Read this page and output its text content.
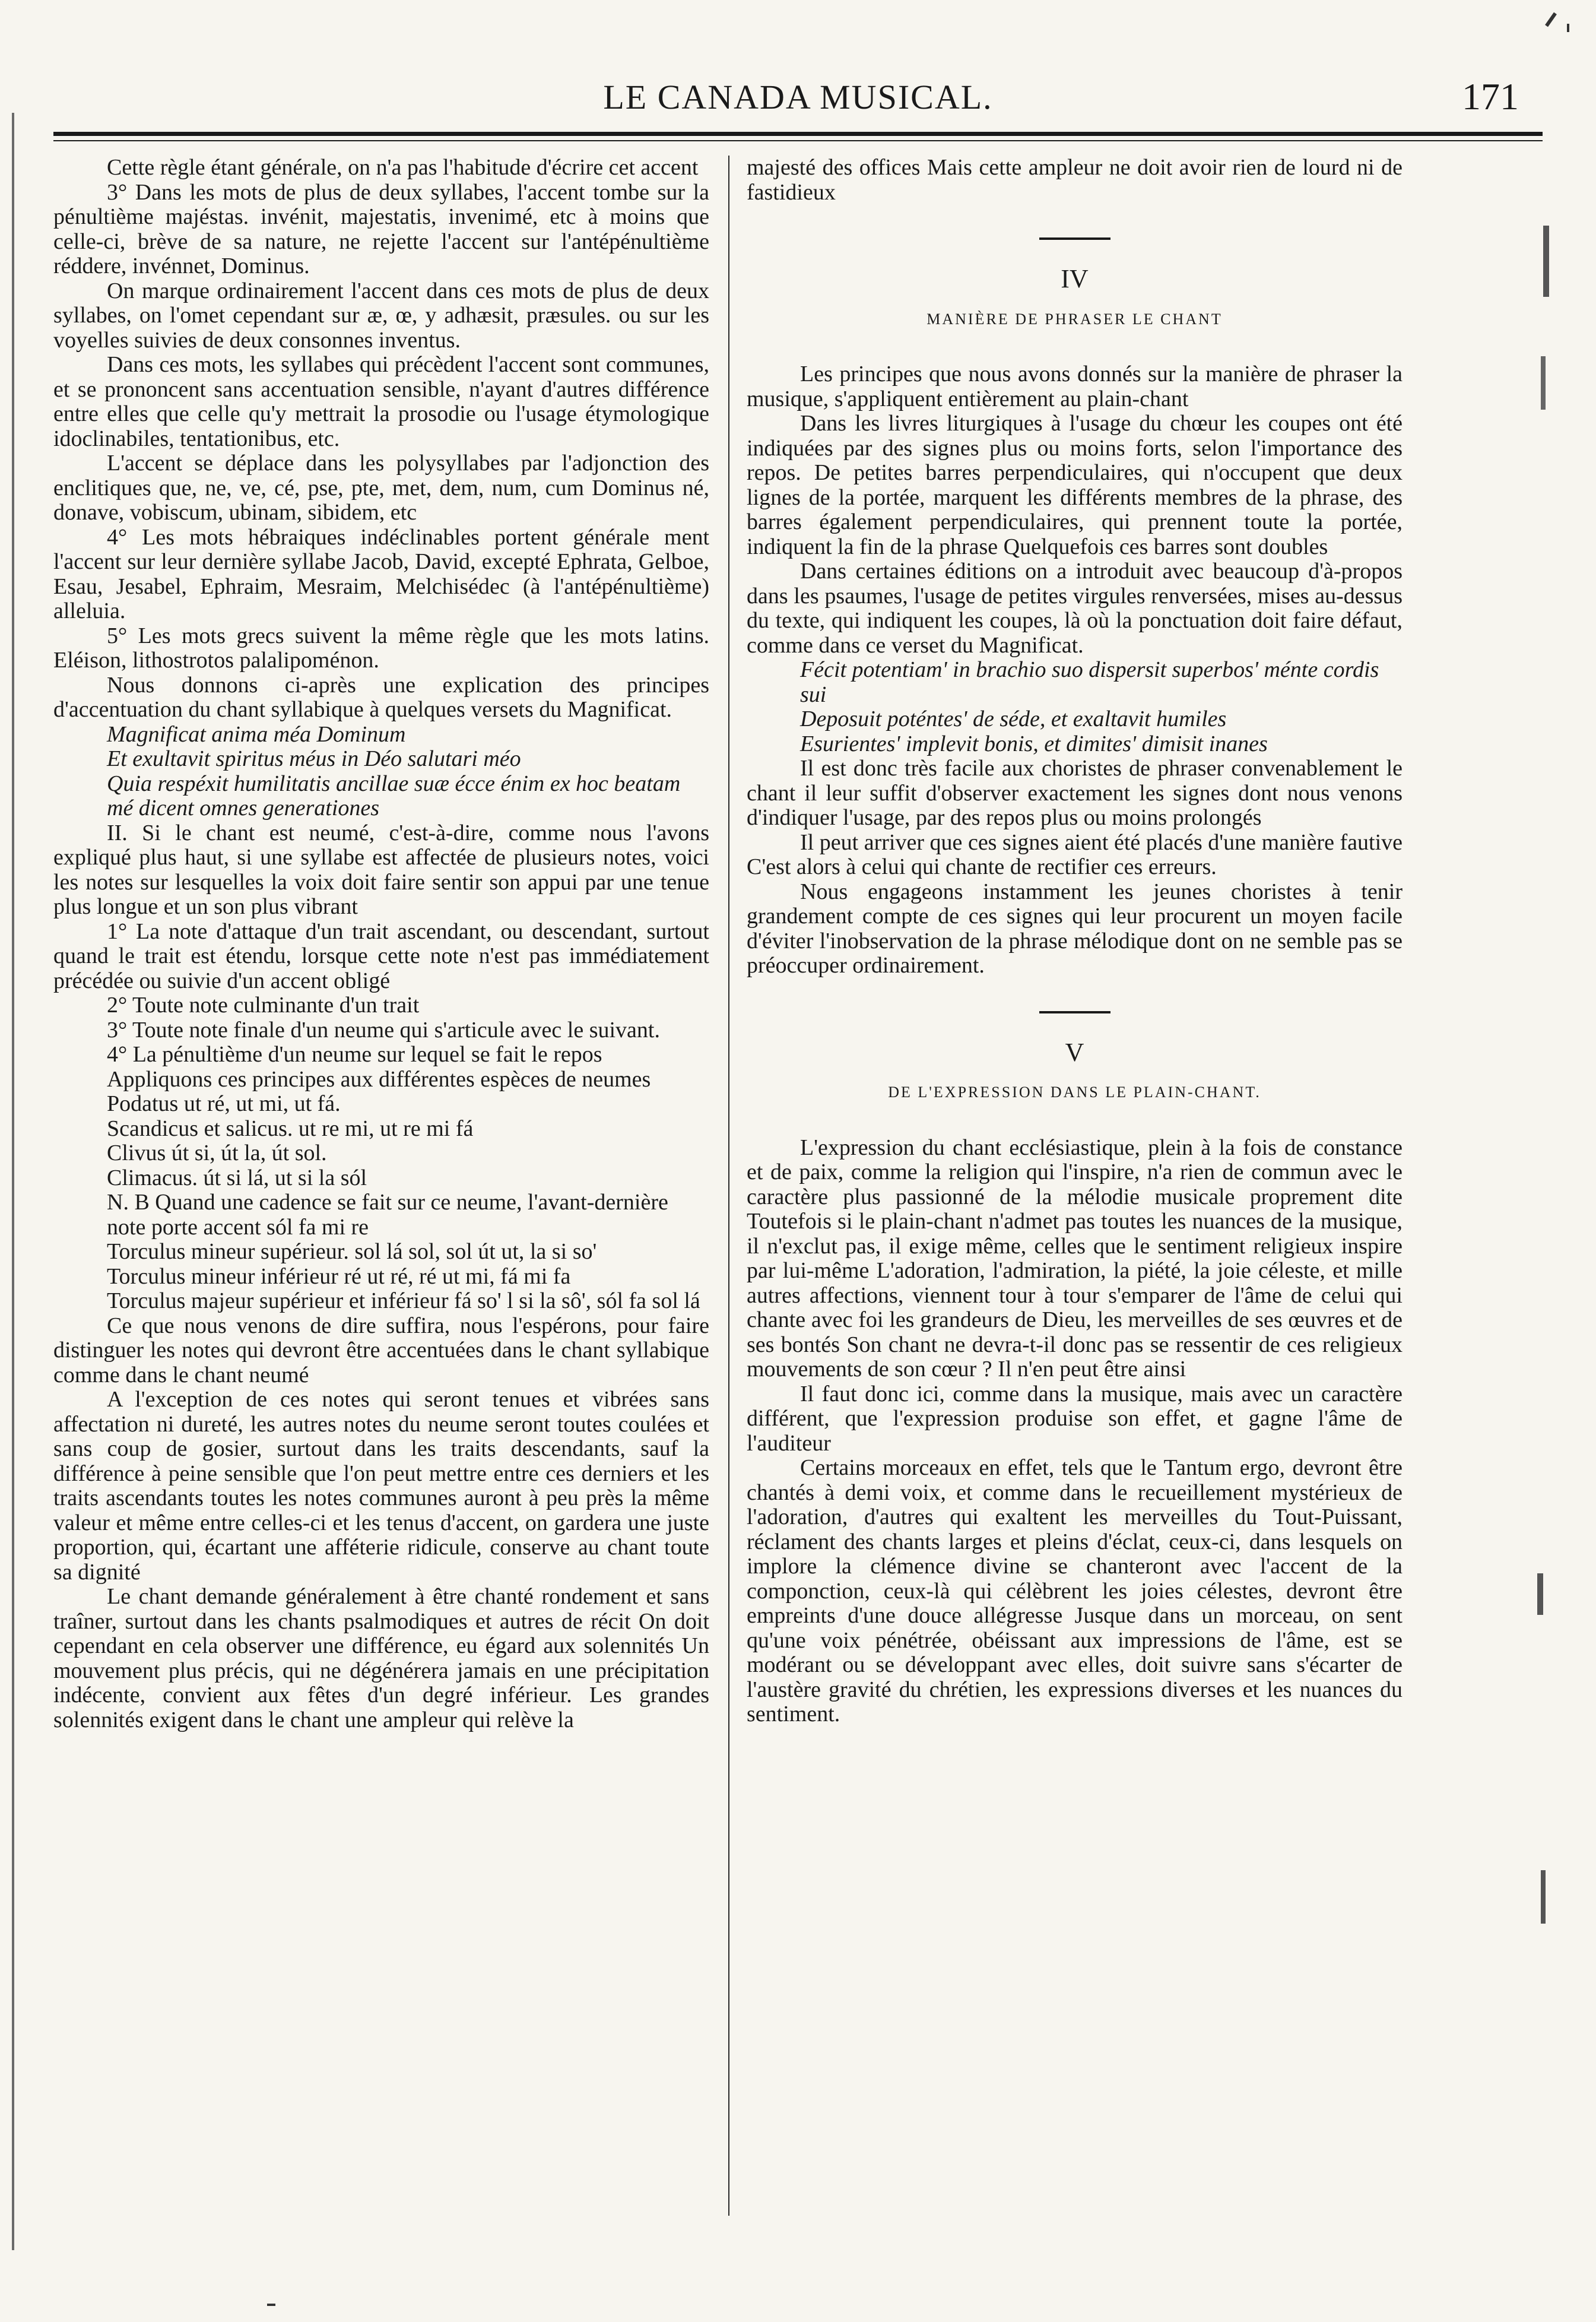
LE CANADA MUSICAL.	171

Cette règle étant générale, on n'a pas l'habitude d'écrire cet accent

3° Dans les mots de plus de deux syllabes, l'accent tombe sur la pénultième majéstas. invénit, majestatis, invenimé, etc à moins que celle-ci, brève de sa nature, ne rejette l'accent sur l'antépénultième réddere, invénnet, Dominus.

On marque ordinairement l'accent dans ces mots de plus de deux syllabes, on l'omet cependant sur æ, œ, y adhæsit, præsules. ou sur les voyelles suivies de deux consonnes inventus.

Dans ces mots, les syllabes qui précèdent l'accent sont communes, et se prononcent sans accentuation sensible, n'ayant d'autres différence entre elles que celle qu'y mettrait la prosodie ou l'usage étymologique idoclinabiles, tentationibus, etc.

L'accent se déplace dans les polysyllabes par l'adjonction des enclitiques que, ne, ve, cé, pse, pte, met, dem, num, cum Dominus né, donave, vobiscum, ubinam, sibidem, etc

4° Les mots hébraiques indéclinables portent générale ment l'accent sur leur dernière syllabe Jacob, David, excepté Ephrata, Gelboe, Esau, Jesabel, Ephraim, Mesraim, Melchisédec (à l'antépénultième) alleluia.

5° Les mots grecs suivent la même règle que les mots latins. Eléison, lithostrotos palalipoménon.

Nous donnons ci-après une explication des principes d'accentuation du chant syllabique à quelques versets du Magnificat.

Magnificat anima méa Dominum

Et exultavit spiritus méus in Déo salutari méo

Quia respéxit humilitatis ancillae suæ écce énim ex hoc beatam mé dicent omnes generationes

II. Si le chant est neumé, c'est-à-dire, comme nous l'avons expliqué plus haut, si une syllabe est affectée de plusieurs notes, voici les notes sur lesquelles la voix doit faire sentir son appui par une tenue plus longue et un son plus vibrant

1° La note d'attaque d'un trait ascendant, ou descendant, surtout quand le trait est étendu, lorsque cette note n'est pas immédiatement précédée ou suivie d'un accent obligé

2° Toute note culminante d'un trait

3° Toute note finale d'un neume qui s'articule avec le suivant.

4° La pénultième d'un neume sur lequel se fait le repos

Appliquons ces principes aux différentes espèces de neumes

Podatus ut ré, ut mi, ut fá.

Scandicus et salicus. ut re mi, ut re mi fá

Clivus út si, út la, út sol.

Climacus. út si lá, ut si la sól

N. B Quand une cadence se fait sur ce neume, l'avant-dernière note porte accent sól fa mi re

Torculus mineur supérieur. sol lá sol, sol út ut, la si so'

Torculus mineur inférieur ré ut ré, ré ut mi, fá mi fa

Torculus majeur supérieur et inférieur fá so' l si la sô', sól fa sol lá

Ce que nous venons de dire suffira, nous l'espérons, pour faire distinguer les notes qui devront être accentuées dans le chant syllabique comme dans le chant neumé

A l'exception de ces notes qui seront tenues et vibrées sans affectation ni dureté, les autres notes du neume seront toutes coulées et sans coup de gosier, surtout dans les traits descendants, sauf la différence à peine sensible que l'on peut mettre entre ces derniers et les traits ascendants toutes les notes communes auront à peu près la même valeur et même entre celles-ci et les tenus d'accent, on gardera une juste proportion, qui, écartant une afféterie ridicule, conserve au chant toute sa dignité

Le chant demande généralement à être chanté rondement et sans traîner, surtout dans les chants psalmodiques et autres de récit On doit cependant en cela observer une différence, eu égard aux solennités Un mouvement plus précis, qui ne dégénérera jamais en une précipitation indécente, convient aux fêtes d'un degré inférieur. Les grandes solennités exigent dans le chant une ampleur qui relève la

majesté des offices Mais cette ampleur ne doit avoir rien de lourd ni de fastidieux

IV
MANIÈRE DE PHRASER LE CHANT

Les principes que nous avons donnés sur la manière de phraser la musique, s'appliquent entièrement au plain-chant

Dans les livres liturgiques à l'usage du chœur les coupes ont été indiquées par des signes plus ou moins forts, selon l'importance des repos. De petites barres perpendiculaires, qui n'occupent que deux lignes de la portée, marquent les différents membres de la phrase, des barres également perpendiculaires, qui prennent toute la portée, indiquent la fin de la phrase Quelquefois ces barres sont doubles

Dans certaines éditions on a introduit avec beaucoup d'à-propos dans les psaumes, l'usage de petites virgules renversées, mises au-dessus du texte, qui indiquent les coupes, là où la ponctuation doit faire défaut, comme dans ce verset du Magnificat.

Fécit potentiam' in brachio suo dispersit superbos' ménte cordis sui

Deposuit poténtes' de séde, et exaltavit humiles

Esurientes' implevit bonis, et dimites' dimisit inanes

Il est donc très facile aux choristes de phraser convenablement le chant il leur suffit d'observer exactement les signes dont nous venons d'indiquer l'usage, par des repos plus ou moins prolongés

Il peut arriver que ces signes aient été placés d'une manière fautive C'est alors à celui qui chante de rectifier ces erreurs.

Nous engageons instamment les jeunes choristes à tenir grandement compte de ces signes qui leur procurent un moyen facile d'éviter l'inobservation de la phrase mélodique dont on ne semble pas se préoccuper ordinairement.

V
DE L'EXPRESSION DANS LE PLAIN-CHANT.

L'expression du chant ecclésiastique, plein à la fois de constance et de paix, comme la religion qui l'inspire, n'a rien de commun avec le caractère plus passionné de la mélodie musicale proprement dite Toutefois si le plain-chant n'admet pas toutes les nuances de la musique, il n'exclut pas, il exige même, celles que le sentiment religieux inspire par lui-même L'adoration, l'admiration, la piété, la joie céleste, et mille autres affections, viennent tour à tour s'emparer de l'âme de celui qui chante avec foi les grandeurs de Dieu, les merveilles de ses œuvres et de ses bontés Son chant ne devra-t-il donc pas se ressentir de ces religieux mouvements de son cœur ? Il n'en peut être ainsi

Il faut donc ici, comme dans la musique, mais avec un caractère différent, que l'expression produise son effet, et gagne l'âme de l'auditeur

Certains morceaux en effet, tels que le Tantum ergo, devront être chantés à demi voix, et comme dans le recueillement mystérieux de l'adoration, d'autres qui exaltent les merveilles du Tout-Puissant, réclament des chants larges et pleins d'éclat, ceux-ci, dans lesquels on implore la clémence divine se chanteront avec l'accent de la componction, ceux-là qui célèbrent les joies célestes, devront être empreints d'une douce allégresse Jusque dans un morceau, on sent qu'une voix pénétrée, obéissant aux impressions de l'âme, est se modérant ou se développant avec elles, doit suivre sans s'écarter de l'austère gravité du chrétien, les expressions diverses et les nuances du sentiment.
